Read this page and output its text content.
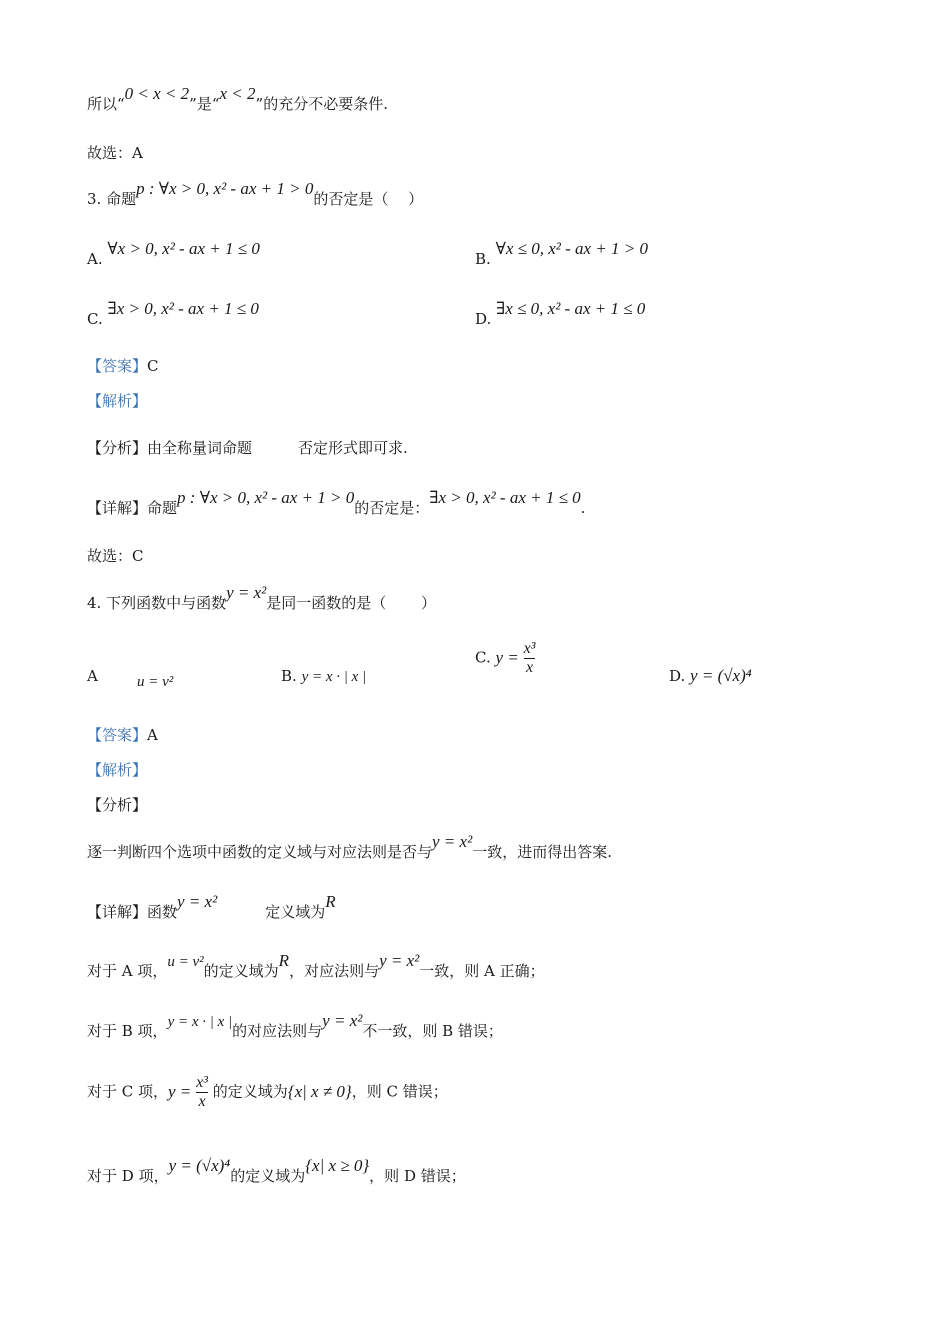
所以“0 < x < 2”是“x < 2”的充分不必要条件.
故选：A
3. 命题p : ∀x > 0, x² - ax + 1 > 0的否定是（　 ）
A. ∀x > 0, x² - ax + 1 ≤ 0
B. ∀x ≤ 0, x² - ax + 1 > 0
C. ∃x > 0, x² - ax + 1 ≤ 0
D. ∃x ≤ 0, x² - ax + 1 ≤ 0
【答案】C
【解析】
【分析】由全称量词命题	否定形式即可求.
【详解】命题p : ∀x > 0, x² - ax + 1 > 0的否定是：∃x > 0, x² - ax + 1 ≤ 0.
故选：C
4. 下列函数中与函数y = x²是同一函数的是（　 　）
A	u = v²	B. y = x · | x |
C. $y = \frac{\text{x³}}{x}$	D. y = (√x)⁴
【答案】A
【解析】
【分析】
逐一判断四个选项中函数的定义域与对应法则是否与y = x²一致，进而得出答案.
【详解】函数y = x²定义域为R
对于 A 项，u = v²的定义域为R，对应法则与y = x²一致，则 A 正确；
对于 B 项，y = x · | x |的对应法则与y = x²不一致，则 B 错误；
对于 C 项，$y = \frac{\text{x³}}{x}$ 的定义域为{x| x ≠ 0}，则 C 错误；
对于 D 项，y = (√x)⁴的定义域为{x| x ≥ 0}，则 D 错误；
